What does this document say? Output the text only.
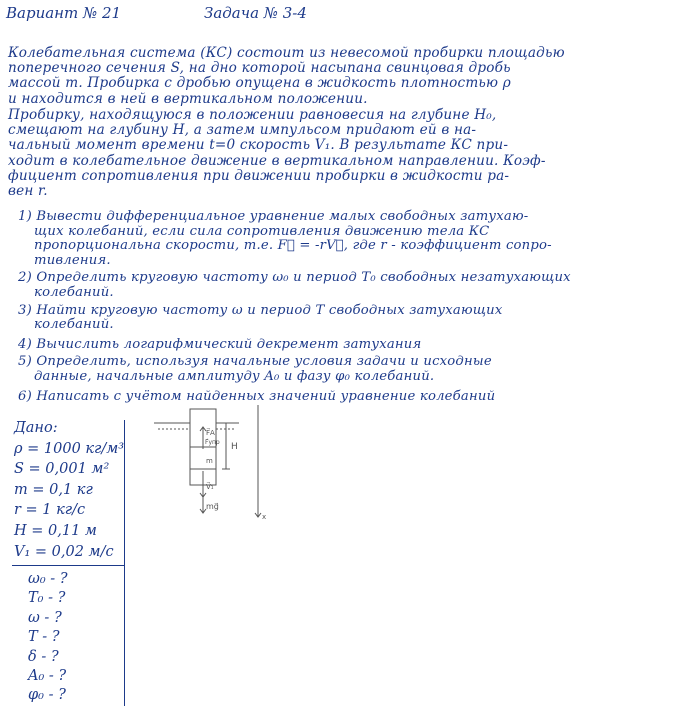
Вариант № 21	Задача № 3-4
Колебательная система (КС) состоит из невесомой пробирки площадью
поперечного сечения S, на дно которой насыпана свинцовая дробь
массой m. Пробирка с дробью опущена в жидкость плотностью ρ
и находится в ней в вертикальном положении.
Пробирку, находящуюся в положении равновесия на глубине H₀,
смещают на глубину H, а затем импульсом придают ей в на-
чальный момент времени t=0 скорость V₁. В результате КС при-
ходит в колебательное движение в вертикальном направлении. Коэф-
фициент сопротивления при движении пробирки в жидкости ра-
вен r.
1) Вывести дифференциальное уравнение малых свободных затухаю-
щих колебаний, если сила сопротивления движению тела КС
пропорциональна скорости, т.е. F⃗ = -rV⃗, где r - коэффициент сопро-
тивления.
2) Определить круговую частоту ω₀ и период T₀ свободных незатухающих
колебаний.
3) Найти круговую частоту ω и период T свободных затухающих
колебаний.
4) Вычислить логарифмический декремент затухания
5) Определить, используя начальные условия задачи и исходные
данные, начальные амплитуду A₀ и фазу φ₀ колебаний.
6) Написать с учётом найденных значений уравнение колебаний
Дано:
ρ = 1000 кг/м³
S = 0,001 м²
m = 0,1 кг
r = 1 кг/с
H = 0,11 м
V₁ = 0,02 м/с
ω₀ - ?
T₀ - ?
ω - ?
T - ?
δ - ?
A₀ - ?
φ₀ - ?
F⃗A
F⃗упр
m
V⃗₁
mg⃗
H
x
